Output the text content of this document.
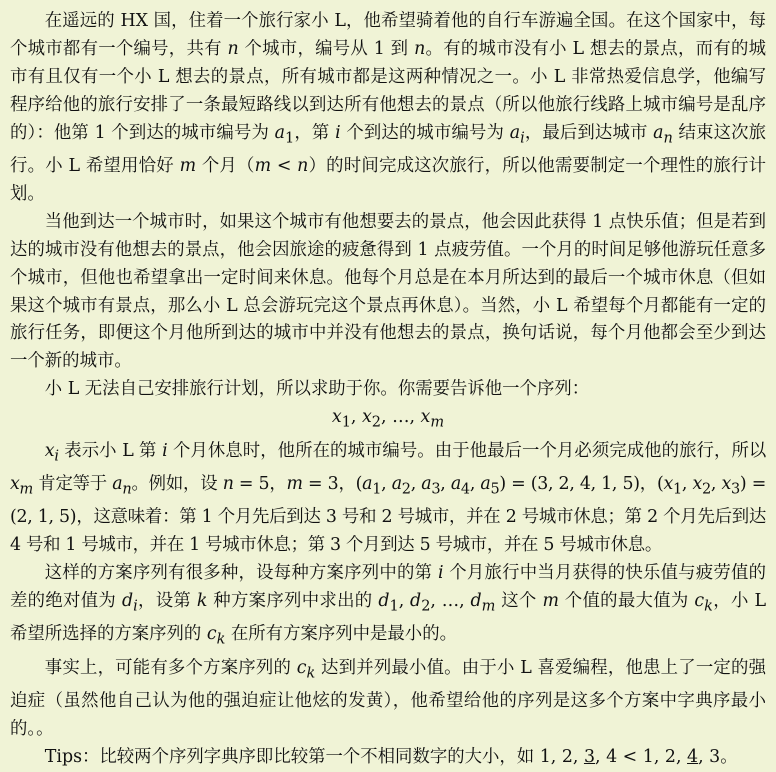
在遥远的 HX 国，住着一个旅行家小 L，他希望骑着他的自行车游遍全国。在这个国家中，每个城市都有一个编号，共有 n 个城市，编号从 1 到 n。有的城市没有小 L 想去的景点，而有的城市有且仅有一个小 L 想去的景点，所有城市都是这两种情况之一。小 L 非常热爱信息学，他编写程序给他的旅行安排了一条最短路线以到达所有他想去的景点（所以他旅行线路上城市编号是乱序的）：他第 1 个到达的城市编号为 $a_1$，第 i 个到达的城市编号为 $a_i$，最后到达城市 $a_n$ 结束这次旅行。小 L 希望用恰好 m 个月（m < n）的时间完成这次旅行，所以他需要制定一个理性的旅行计划。

当他到达一个城市时，如果这个城市有他想要去的景点，他会因此获得 1 点快乐值；但是若到达的城市没有他想去的景点，他会因旅途的疲惫得到 1 点疲劳值。一个月的时间足够他游玩任意多个城市，但他也希望拿出一定时间来休息。他每个月总是在本月所达到的最后一个城市休息（但如果这个城市有景点，那么小 L 总会游玩完这个景点再休息）。当然，小 L 希望每个月都能有一定的旅行任务，即便这个月他所到达的城市中并没有他想去的景点，换句话说，每个月他都会至少到达一个新的城市。

小 L 无法自己安排旅行计划，所以求助于你。你需要告诉他一个序列：

$x_1$, $x_2$, …, $x_m$

$x_i$ 表示小 L 第 i 个月休息时，他所在的城市编号。由于他最后一个月必须完成他的旅行，所以 $x_m$ 肯定等于 $a_n$。例如，设 n = 5，m = 3，($a_1$, $a_2$, $a_3$, $a_4$, $a_5) = (3$, 2, 4, 1, 5)，($x_1$, $x_2$, $x_3) = (2$, 1, 5)，这意味着：第 1 个月先后到达 3 号和 2 号城市，并在 2 号城市休息；第 2 个月先后到达 4 号和 1 号城市，并在 1 号城市休息；第 3 个月到达 5 号城市，并在 5 号城市休息。

这样的方案序列有很多种，设每种方案序列中的第 i 个月旅行中当月获得的快乐值与疲劳值的差的绝对值为 $d_i$，设第 k 种方案序列中求出的 $d_1$, $d_2$, …, $d_m$ 这个 m 个值的最大值为 $c_k$，小 L 希望所选择的方案序列的 $c_k$ 在所有方案序列中是最小的。

事实上，可能有多个方案序列的 $c_k$ 达到并列最小值。由于小 L 喜爱编程，他患上了一定的强迫症（虽然他自己认为他的强迫症让他炫的发黄），他希望给他的序列是这多个方案中字典序最小的。。

Tips：比较两个序列字典序即比较第一个不相同数字的大小，如 1, 2, 3, 4 < 1, 2, 4, 3。
